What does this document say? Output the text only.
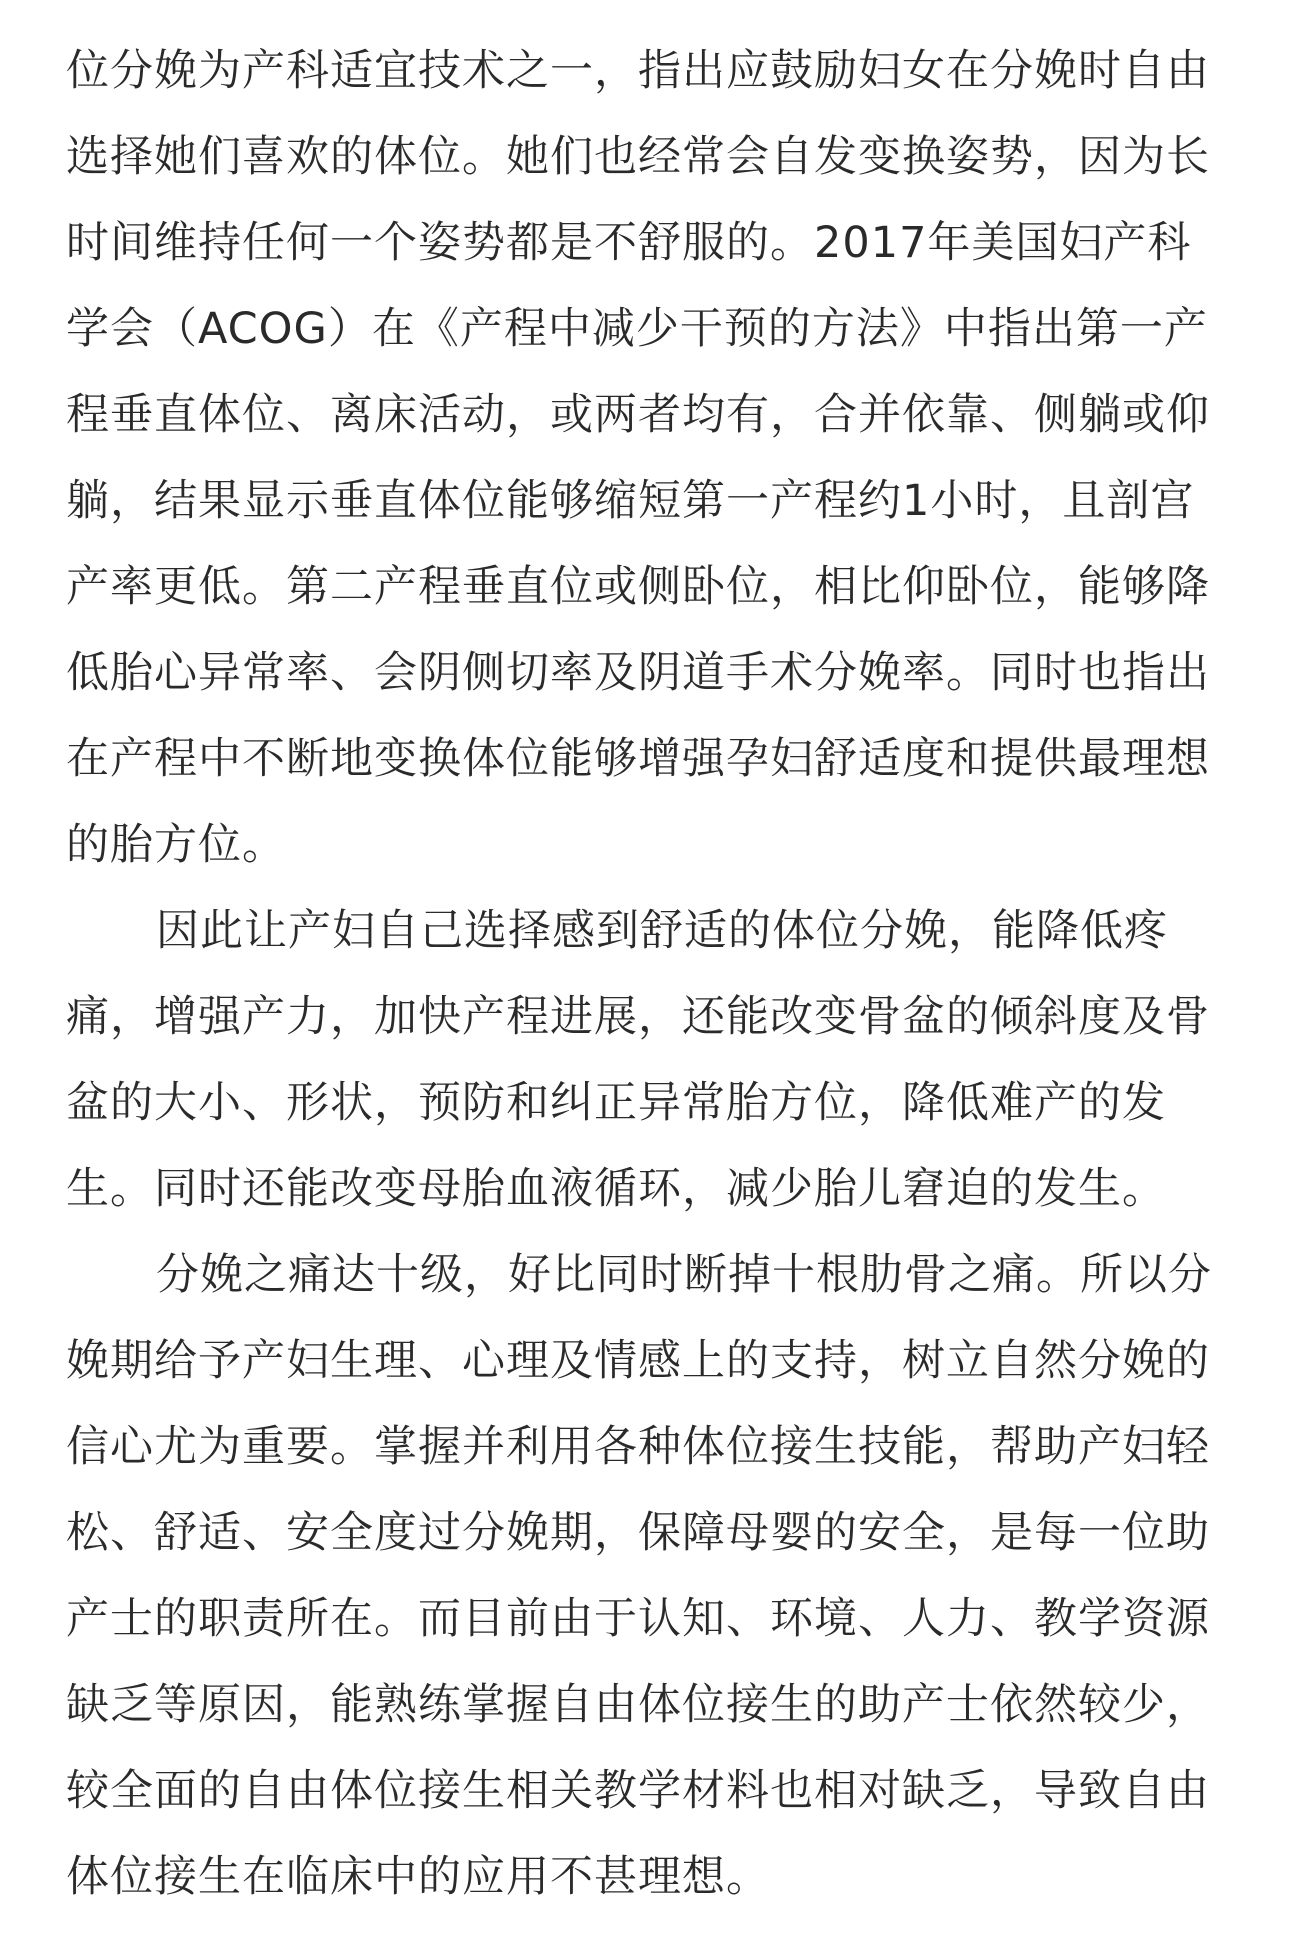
位分娩为产科适宜技术之一，指出应鼓励妇女在分娩时自由
选择她们喜欢的体位。她们也经常会自发变换姿势，因为长
时间维持任何一个姿势都是不舒服的。2017年美国妇产科
学会（ACOG）在《产程中减少干预的方法》中指出第一产
程垂直体位、离床活动，或两者均有，合并依靠、侧躺或仰
躺，结果显示垂直体位能够缩短第一产程约1小时，且剖宫
产率更低。第二产程垂直位或侧卧位，相比仰卧位，能够降
低胎心异常率、会阴侧切率及阴道手术分娩率。同时也指出
在产程中不断地变换体位能够增强孕妇舒适度和提供最理想
的胎方位。

因此让产妇自己选择感到舒适的体位分娩，能降低疼
痛，增强产力，加快产程进展，还能改变骨盆的倾斜度及骨
盆的大小、形状，预防和纠正异常胎方位，降低难产的发
生。同时还能改变母胎血液循环，减少胎儿窘迫的发生。

分娩之痛达十级，好比同时断掉十根肋骨之痛。所以分
娩期给予产妇生理、心理及情感上的支持，树立自然分娩的
信心尤为重要。掌握并利用各种体位接生技能，帮助产妇轻
松、舒适、安全度过分娩期，保障母婴的安全，是每一位助
产士的职责所在。而目前由于认知、环境、人力、教学资源
缺乏等原因，能熟练掌握自由体位接生的助产士依然较少，
较全面的自由体位接生相关教学材料也相对缺乏，导致自由
体位接生在临床中的应用不甚理想。
